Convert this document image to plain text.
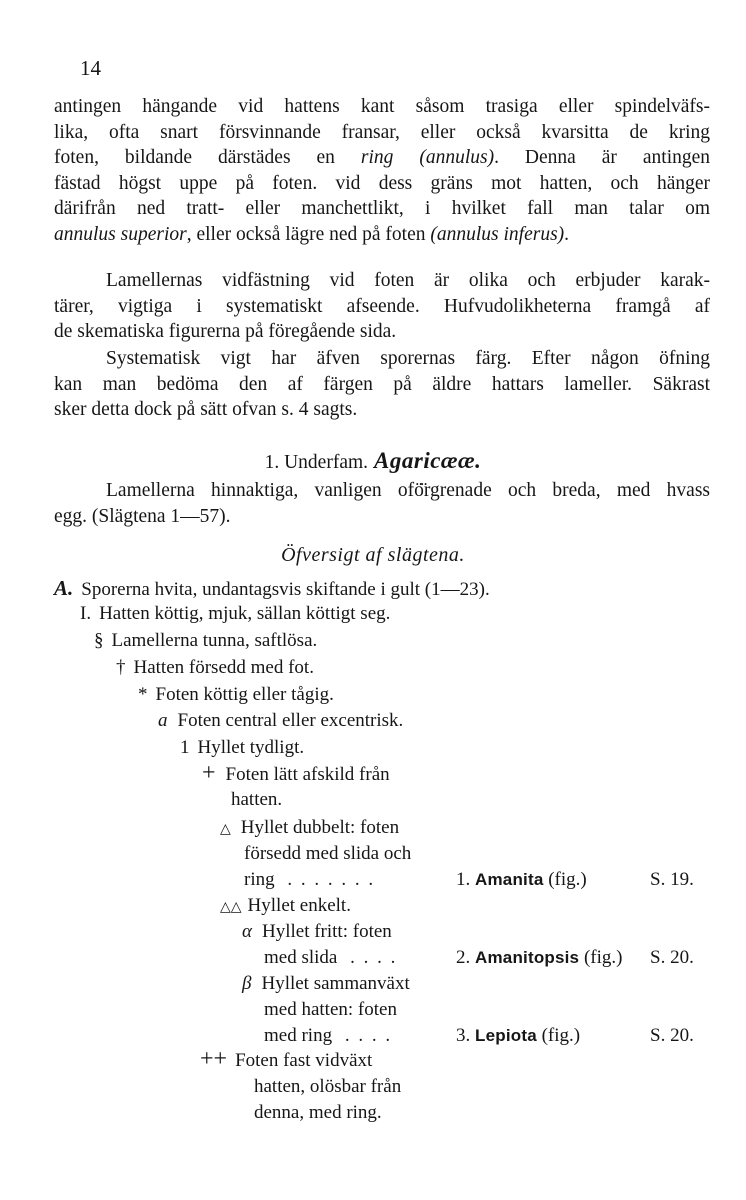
14
antingen hängande vid hattens kant såsom trasiga eller spindelväfs-
lika, ofta snart försvinnande fransar, eller också kvarsitta de kring
foten, bildande därstädes en ring (annulus). Denna är antingen
fästad högst uppe på foten. vid dess gräns mot hatten, och hänger
därifrån ned tratt- eller manchettlikt, i hvilket fall man talar om
annulus superior, eller också lägre ned på foten (annulus inferus).
Lamellernas vidfästning vid foten är olika och erbjuder karak-
tärer, vigtiga i systematiskt afseende. Hufvudolikheterna framgå af
de skematiska figurerna på föregående sida.
Systematisk vigt har äfven sporernas färg. Efter någon öfning
kan man bedöma den af färgen på äldre hattars lameller. Säkrast
sker detta dock på sätt ofvan s. 4 sagts.
1. Underfam. Agaricææ.
Lamellerna hinnaktiga, vanligen ofö̈rgrenade och breda, med hvass
egg. (Slägtena 1—57).
Öfversigt af slägtena.
A. Sporerna hvita, undantagsvis skiftande i gult (1—23).
I. Hatten köttig, mjuk, sällan köttigt seg.
§ Lamellerna tunna, saftlösa.
† Hatten försedd med fot.
* Foten köttig eller tågig.
a Foten central eller excentrisk.
1 Hyllet tydligt.
+ Foten lätt afskild från
hatten.
△ Hyllet dubbelt: foten
försedd med slida och
ring . . . . . . .	1. Amanita (fig.)	S. 19.
△△ Hyllet enkelt.
α Hyllet fritt: foten
med slida . . . .	2. Amanitopsis (fig.) S. 20.
β Hyllet sammanväxt
med hatten: foten
med ring . . . .	3. Lepiota (fig.)	S. 20.
++ Foten fast vidväxt
hatten, olösbar från
denna, med ring.
